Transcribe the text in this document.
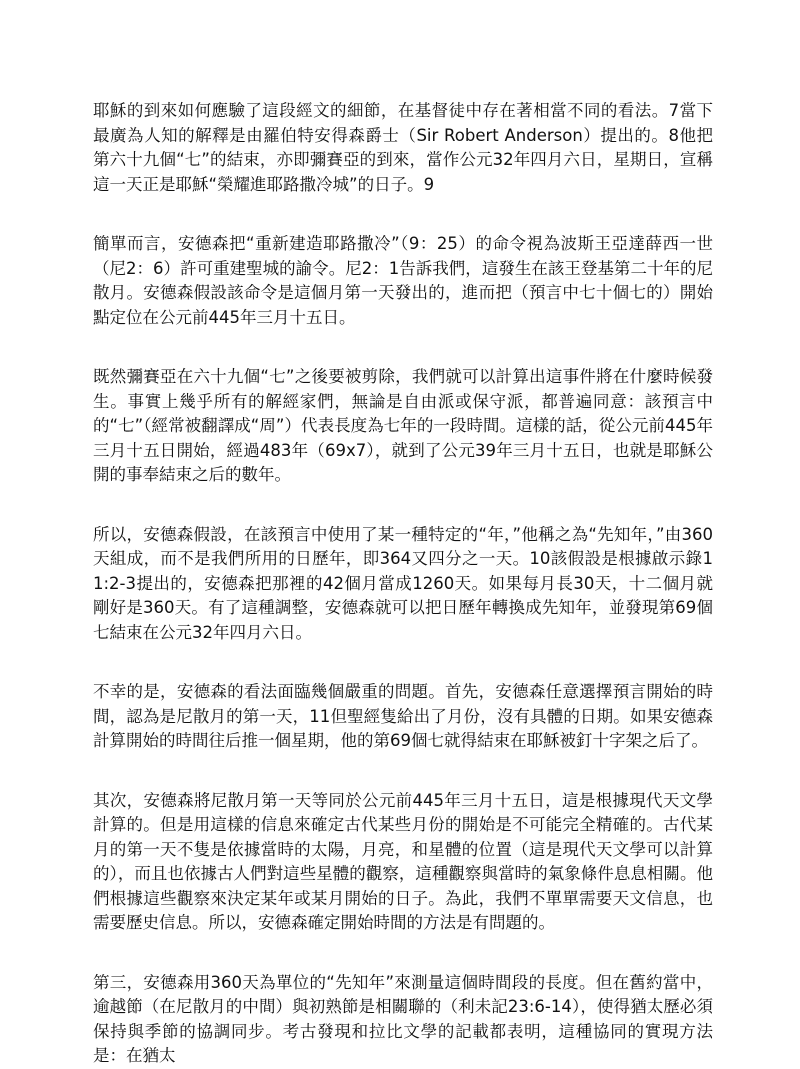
耶穌的到來如何應驗了這段經文的細節，在基督徒中存在著相當不同的看法。7當下最廣為人知的解釋是由羅伯特安得森爵士（Sir Robert Anderson）提出的。8他把第六十九個“七”的結束，亦即彌賽亞的到來，當作公元32年四月六日，星期日，宣稱這一天正是耶穌“榮耀進耶路撒冷城”的日子。9

簡單而言，安德森把“重新建造耶路撒冷”（9：25）的命令視為波斯王亞達薛西一世（尼2：6）許可重建聖城的諭令。尼2：1告訴我們，這發生在該王登基第二十年的尼散月。安德森假設該命令是這個月第一天發出的，進而把（預言中七十個七的）開始點定位在公元前445年三月十五日。

既然彌賽亞在六十九個“七”之後要被剪除，我們就可以計算出這事件將在什麼時候發生。事實上幾乎所有的解經家們，無論是自由派或保守派，都普遍同意：該預言中的“七”（經常被翻譯成“周”）代表長度為七年的一段時間。這樣的話，從公元前445年三月十五日開始，經過483年（69x7），就到了公元39年三月十五日，也就是耶穌公開的事奉結束之后的數年。

所以，安德森假設，在該預言中使用了某一種特定的“年，”他稱之為“先知年，”由360天組成，而不是我們所用的日歷年，即364又四分之一天。10該假設是根據啟示錄11:2-3提出的，安德森把那裡的42個月當成1260天。如果每月長30天，十二個月就剛好是360天。有了這種調整，安德森就可以把日歷年轉換成先知年，並發現第69個七結束在公元32年四月六日。

不幸的是，安德森的看法面臨幾個嚴重的問題。首先，安德森任意選擇預言開始的時間，認為是尼散月的第一天，11但聖經隻給出了月份，沒有具體的日期。如果安德森計算開始的時間往后推一個星期，他的第69個七就得結束在耶穌被釘十字架之后了。

其次，安德森將尼散月第一天等同於公元前445年三月十五日，這是根據現代天文學計算的。但是用這樣的信息來確定古代某些月份的開始是不可能完全精確的。古代某月的第一天不隻是依據當時的太陽，月亮，和星體的位置（這是現代天文學可以計算的），而且也依據古人們對這些星體的觀察，這種觀察與當時的氣象條件息息相關。他們根據這些觀察來決定某年或某月開始的日子。為此，我們不單單需要天文信息，也需要歷史信息。所以，安德森確定開始時間的方法是有問題的。

第三，安德森用360天為單位的“先知年”來測量這個時間段的長度。但在舊約當中，逾越節（在尼散月的中間）與初熟節是相關聯的（利未記23:6-14），使得猶太歷必須保持與季節的協調同步。考古發現和拉比文學的記載都表明，這種協同的實現方法是：在猶太
